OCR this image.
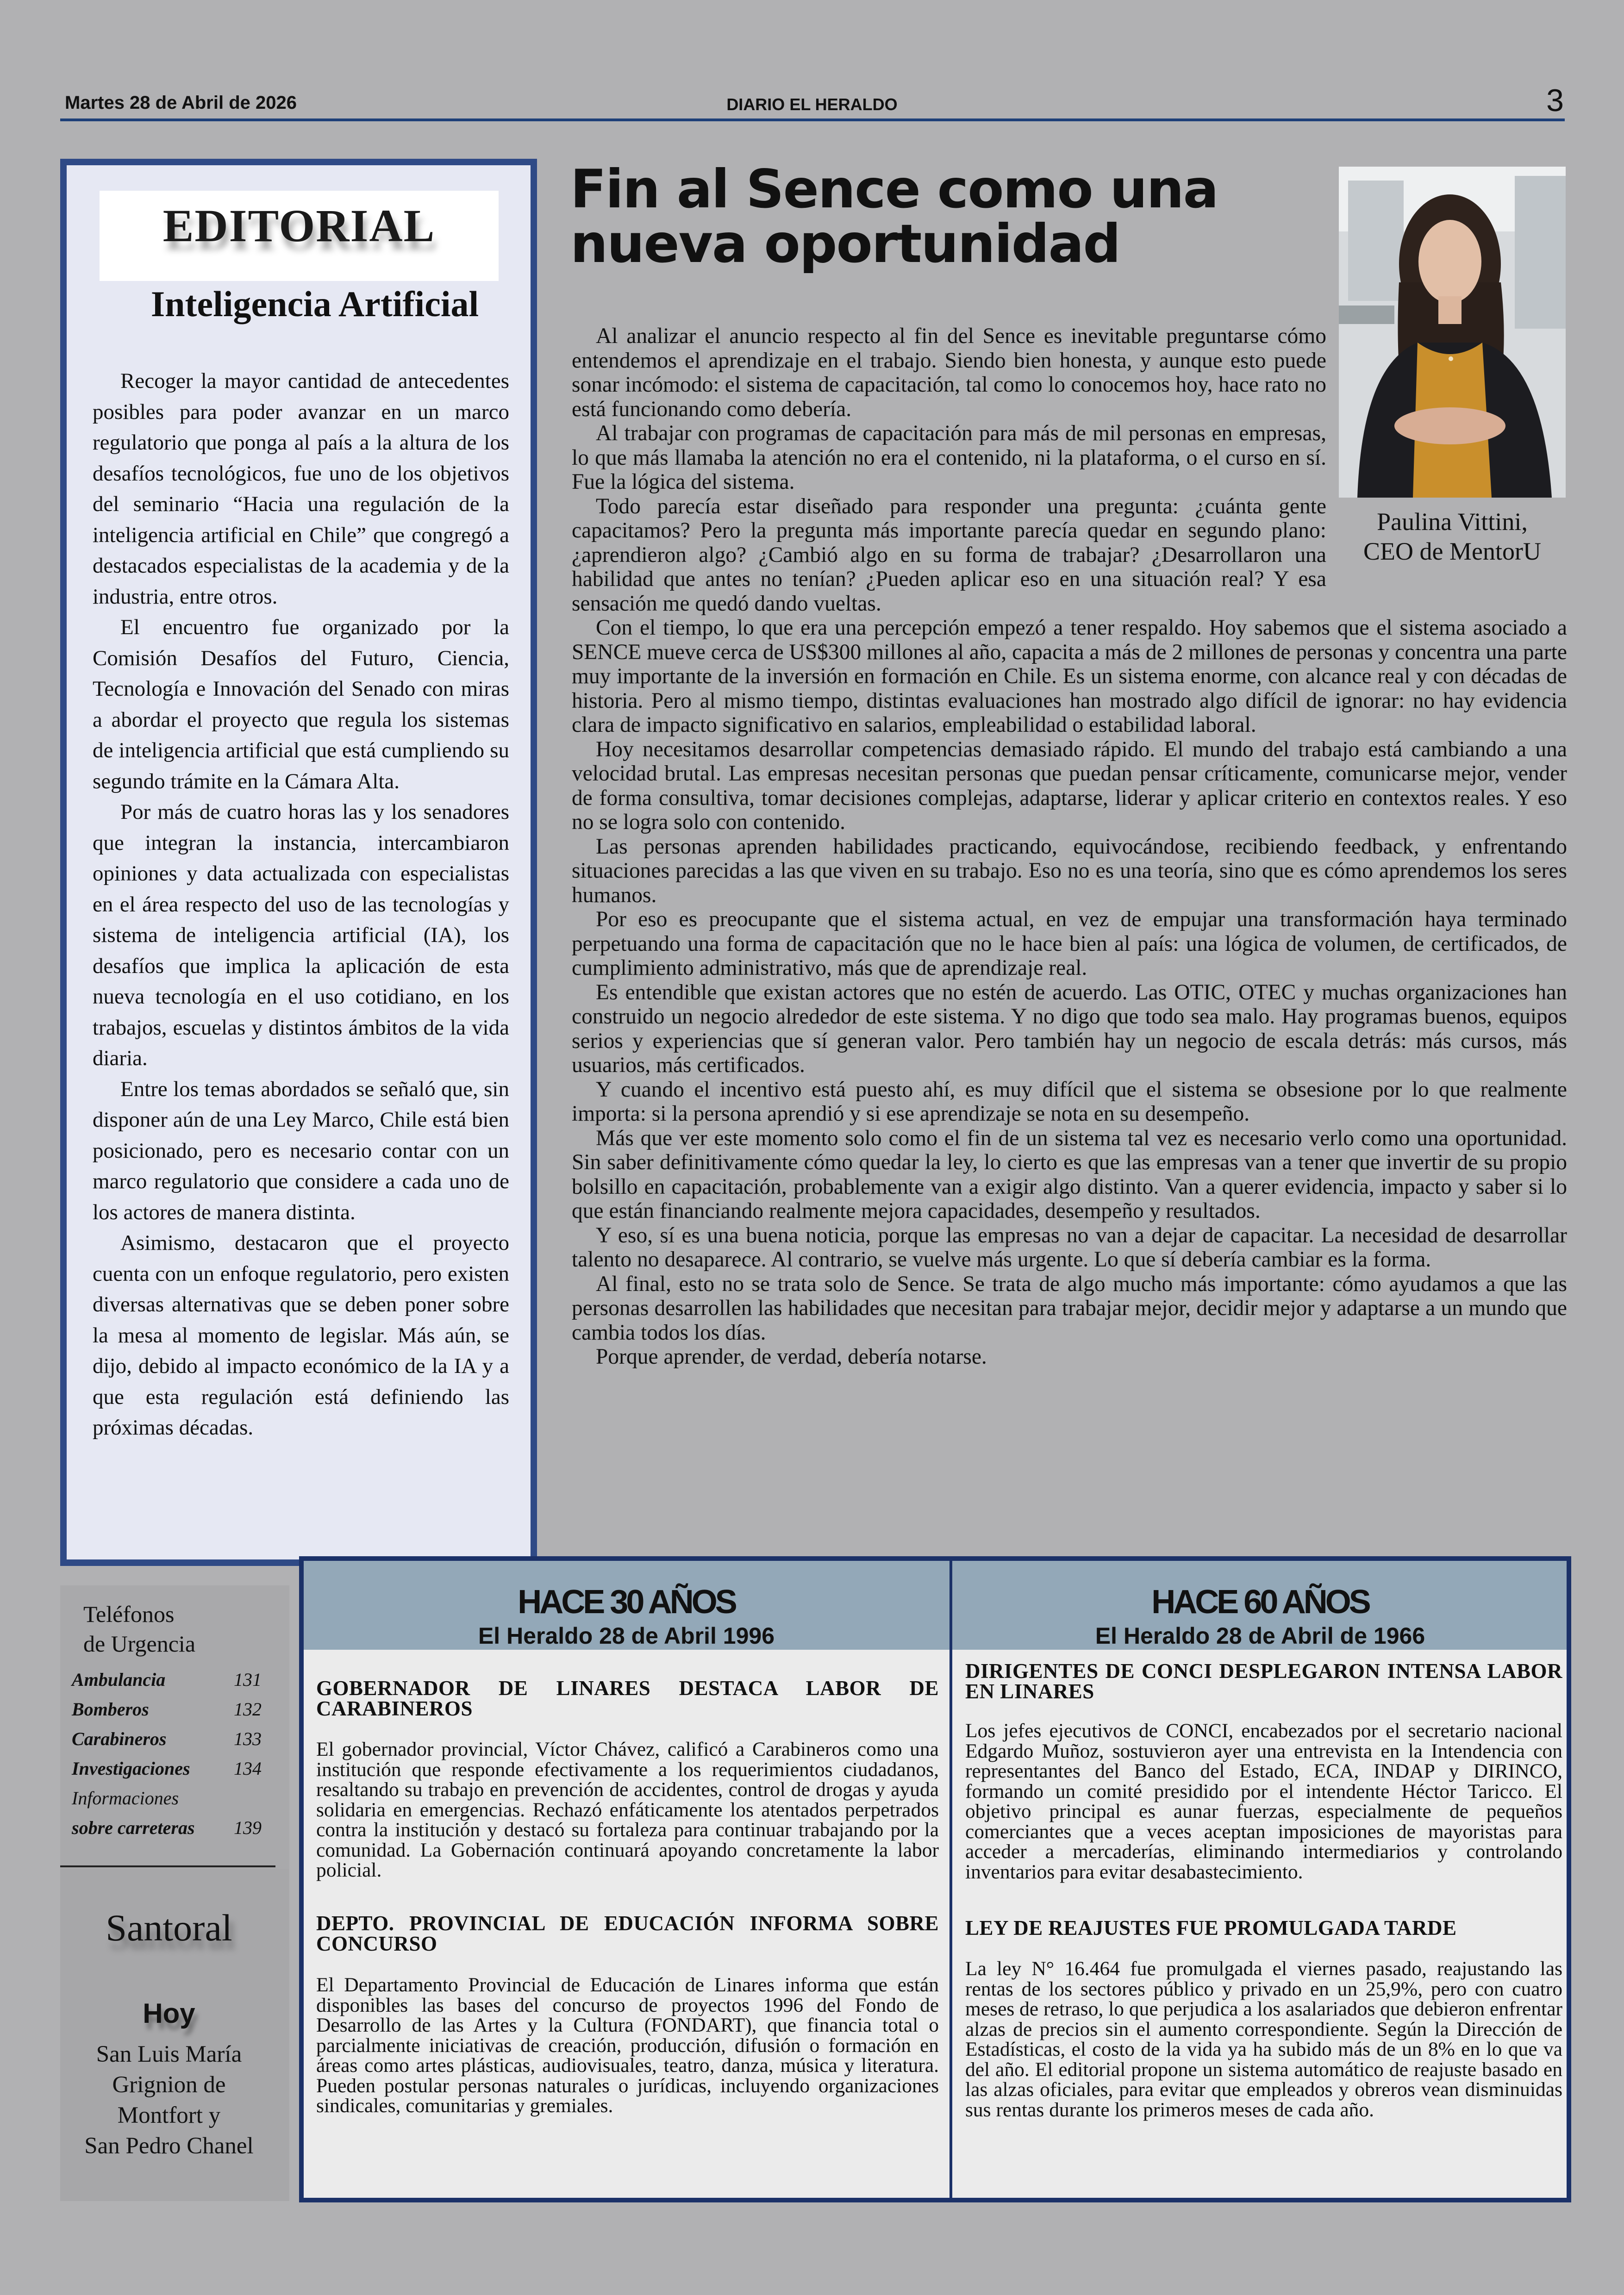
Martes 28 de Abril de 2026	DIARIO EL HERALDO	3
EDITORIAL
Inteligencia Artificial

Recoger la mayor cantidad de antecedentes posibles para poder avanzar en un marco regulatorio que ponga al país a la altura de los desafíos tecnológicos, fue uno de los objetivos del seminario “Hacia una regulación de la inteligencia artificial en Chile” que congregó a destacados especialistas de la academia y de la industria, entre otros.

El encuentro fue organizado por la Comisión Desafíos del Futuro, Ciencia, Tecnología e Innovación del Senado con miras a abordar el proyecto que regula los sistemas de inteligencia artificial que está cumpliendo su segundo trámite en la Cámara Alta.

Por más de cuatro horas las y los senadores que integran la instancia, intercambiaron opiniones y data actualizada con especialistas en el área respecto del uso de las tecnologías y sistema de inteligencia artificial (IA), los desafíos que implica la aplicación de esta nueva tecnología en el uso cotidiano, en los trabajos, escuelas y distintos ámbitos de la vida diaria.

Entre los temas abordados se señaló que, sin disponer aún de una Ley Marco, Chile está bien posicionado, pero es necesario contar con un marco regulatorio que considere a cada uno de los actores de manera distinta.

Asimismo, destacaron que el proyecto cuenta con un enfoque regulatorio, pero existen diversas alternativas que se deben poner sobre la mesa al momento de legislar. Más aún, se dijo, debido al impacto económico de la IA y a que esta regulación está definiendo las próximas décadas.

Fin al Sence como una nueva oportunidad
Paulina Vittini,
CEO de MentorU

Al analizar el anuncio respecto al fin del Sence es inevitable preguntarse cómo entendemos el aprendizaje en el trabajo. Siendo bien honesta, y aunque esto puede sonar incómodo: el sistema de capacitación, tal como lo conocemos hoy, hace rato no está funcionando como debería.

Al trabajar con programas de capacitación para más de mil personas en empresas, lo que más llamaba la atención no era el contenido, ni la plataforma, o el curso en sí. Fue la lógica del sistema.

Todo parecía estar diseñado para responder una pregunta: ¿cuánta gente capacitamos? Pero la pregunta más importante parecía quedar en segundo plano: ¿aprendieron algo? ¿Cambió algo en su forma de trabajar? ¿Desarrollaron una habilidad que antes no tenían? ¿Pueden aplicar eso en una situación real? Y esa sensación me quedó dando vueltas.

Con el tiempo, lo que era una percepción empezó a tener respaldo. Hoy sabemos que el sistema asociado a SENCE mueve cerca de US$300 millones al año, capacita a más de 2 millones de personas y concentra una parte muy importante de la inversión en formación en Chile. Es un sistema enorme, con alcance real y con décadas de historia. Pero al mismo tiempo, distintas evaluaciones han mostrado algo difícil de ignorar: no hay evidencia clara de impacto significativo en salarios, empleabilidad o estabilidad laboral.

Hoy necesitamos desarrollar competencias demasiado rápido. El mundo del trabajo está cambiando a una velocidad brutal. Las empresas necesitan personas que puedan pensar críticamente, comunicarse mejor, vender de forma consultiva, tomar decisiones complejas, adaptarse, liderar y aplicar criterio en contextos reales. Y eso no se logra solo con contenido.

Las personas aprenden habilidades practicando, equivocándose, recibiendo feedback, y enfrentando situaciones parecidas a las que viven en su trabajo. Eso no es una teoría, sino que es cómo aprendemos los seres humanos.

Por eso es preocupante que el sistema actual, en vez de empujar una transformación haya terminado perpetuando una forma de capacitación que no le hace bien al país: una lógica de volumen, de certificados, de cumplimiento administrativo, más que de aprendizaje real.

Es entendible que existan actores que no estén de acuerdo. Las OTIC, OTEC y muchas organizaciones han construido un negocio alrededor de este sistema. Y no digo que todo sea malo. Hay programas buenos, equipos serios y experiencias que sí generan valor. Pero también hay un negocio de escala detrás: más cursos, más usuarios, más certificados.

Y cuando el incentivo está puesto ahí, es muy difícil que el sistema se obsesione por lo que realmente importa: si la persona aprendió y si ese aprendizaje se nota en su desempeño.

Más que ver este momento solo como el fin de un sistema tal vez es necesario verlo como una oportunidad. Sin saber definitivamente cómo quedar la ley, lo cierto es que las empresas van a tener que invertir de su propio bolsillo en capacitación, probablemente van a exigir algo distinto. Van a querer evidencia, impacto y saber si lo que están financiando realmente mejora capacidades, desempeño y resultados.

Y eso, sí es una buena noticia, porque las empresas no van a dejar de capacitar. La necesidad de desarrollar talento no desaparece. Al contrario, se vuelve más urgente. Lo que sí debería cambiar es la forma.

Al final, esto no se trata solo de Sence. Se trata de algo mucho más importante: cómo ayudamos a que las personas desarrollen las habilidades que necesitan para trabajar mejor, decidir mejor y adaptarse a un mundo que cambia todos los días.

Porque aprender, de verdad, debería notarse.

Teléfonos
de Urgencia
Ambulancia	131
Bomberos	132
Carabineros	133
Investigaciones 134
Informaciones
sobre carreteras 139
Santoral
Hoy
San Luis María
Grignion de
Montfort y
San Pedro Chanel
HACE 30 AÑOS
El Heraldo 28 de Abril 1996
HACE 60 AÑOS
El Heraldo 28 de Abril de 1966
GOBERNADOR DE LINARES DESTACA LABOR DE CARABINEROS
El gobernador provincial, Víctor Chávez, calificó a Carabineros como una institución que responde efectivamente a los requerimientos ciudadanos, resaltando su trabajo en prevención de accidentes, control de drogas y ayuda solidaria en emergencias. Rechazó enfáticamente los atentados perpetrados contra la institución y destacó su fortaleza para continuar trabajando por la comunidad. La Gobernación continuará apoyando concretamente la labor policial.
DEPTO. PROVINCIAL DE EDUCACIÓN INFORMA SOBRE CONCURSO
El Departamento Provincial de Educación de Linares informa que están disponibles las bases del concurso de proyectos 1996 del Fondo de Desarrollo de las Artes y la Cultura (FONDART), que financia total o parcialmente iniciativas de creación, producción, difusión o formación en áreas como artes plásticas, audiovisuales, teatro, danza, música y literatura. Pueden postular personas naturales o jurídicas, incluyendo organizaciones sindicales, comunitarias y gremiales.
DIRIGENTES DE CONCI DESPLEGARON INTENSA LABOR EN LINARES
Los jefes ejecutivos de CONCI, encabezados por el secretario nacional Edgardo Muñoz, sostuvieron ayer una entrevista en la Intendencia con representantes del Banco del Estado, ECA, INDAP y DIRINCO, formando un comité presidido por el intendente Héctor Taricco. El objetivo principal es aunar fuerzas, especialmente de pequeños comerciantes que a veces aceptan imposiciones de mayoristas para acceder a mercaderías, eliminando intermediarios y controlando inventarios para evitar desabastecimiento.
LEY DE REAJUSTES FUE PROMULGADA TARDE
La ley N° 16.464 fue promulgada el viernes pasado, reajustando las rentas de los sectores público y privado en un 25,9%, pero con cuatro meses de retraso, lo que perjudica a los asalariados que debieron enfrentar alzas de precios sin el aumento correspondiente. Según la Dirección de Estadísticas, el costo de la vida ya ha subido más de un 8% en lo que va del año. El editorial propone un sistema automático de reajuste basado en las alzas oficiales, para evitar que empleados y obreros vean disminuidas sus rentas durante los primeros meses de cada año.
